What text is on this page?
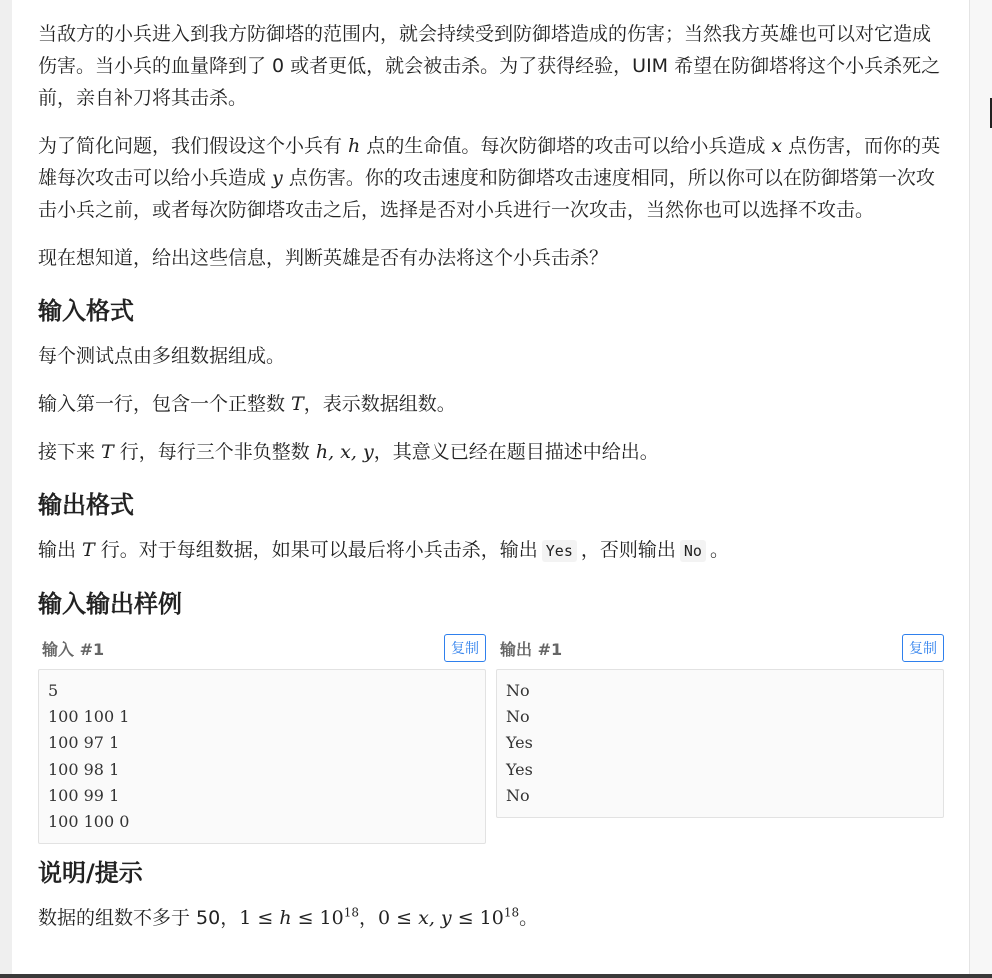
当敌方的小兵进入到我方防御塔的范围内，就会持续受到防御塔造成的伤害；当然我方英雄也可以对它造成伤害。当小兵的血量降到了 0 或者更低，就会被击杀。为了获得经验，UIM 希望在防御塔将这个小兵杀死之前，亲自补刀将其击杀。

为了简化问题，我们假设这个小兵有 h 点的生命值。每次防御塔的攻击可以给小兵造成 x 点伤害，而你的英雄每次攻击可以给小兵造成 y 点伤害。你的攻击速度和防御塔攻击速度相同，所以你可以在防御塔第一次攻击小兵之前，或者每次防御塔攻击之后，选择是否对小兵进行一次攻击，当然你也可以选择不攻击。

现在想知道，给出这些信息，判断英雄是否有办法将这个小兵击杀？

输入格式

每个测试点由多组数据组成。

输入第一行，包含一个正整数 T，表示数据组数。

接下来 T 行，每行三个非负整数 h, x, y，其意义已经在题目描述中给出。

输出格式

输出 T 行。对于每组数据，如果可以最后将小兵击杀，输出 Yes ，否则输出 No 。

输入输出样例
输入 #1	复制
5
100 100 1
100 97 1
100 98 1
100 99 1
100 100 0
输出 #1	复制
No
No
Yes
Yes
No
说明/提示

数据的组数不多于 50，$1 \le h \le 10^{18}$，0 ≤ x, $y \le 10^{18}$。
